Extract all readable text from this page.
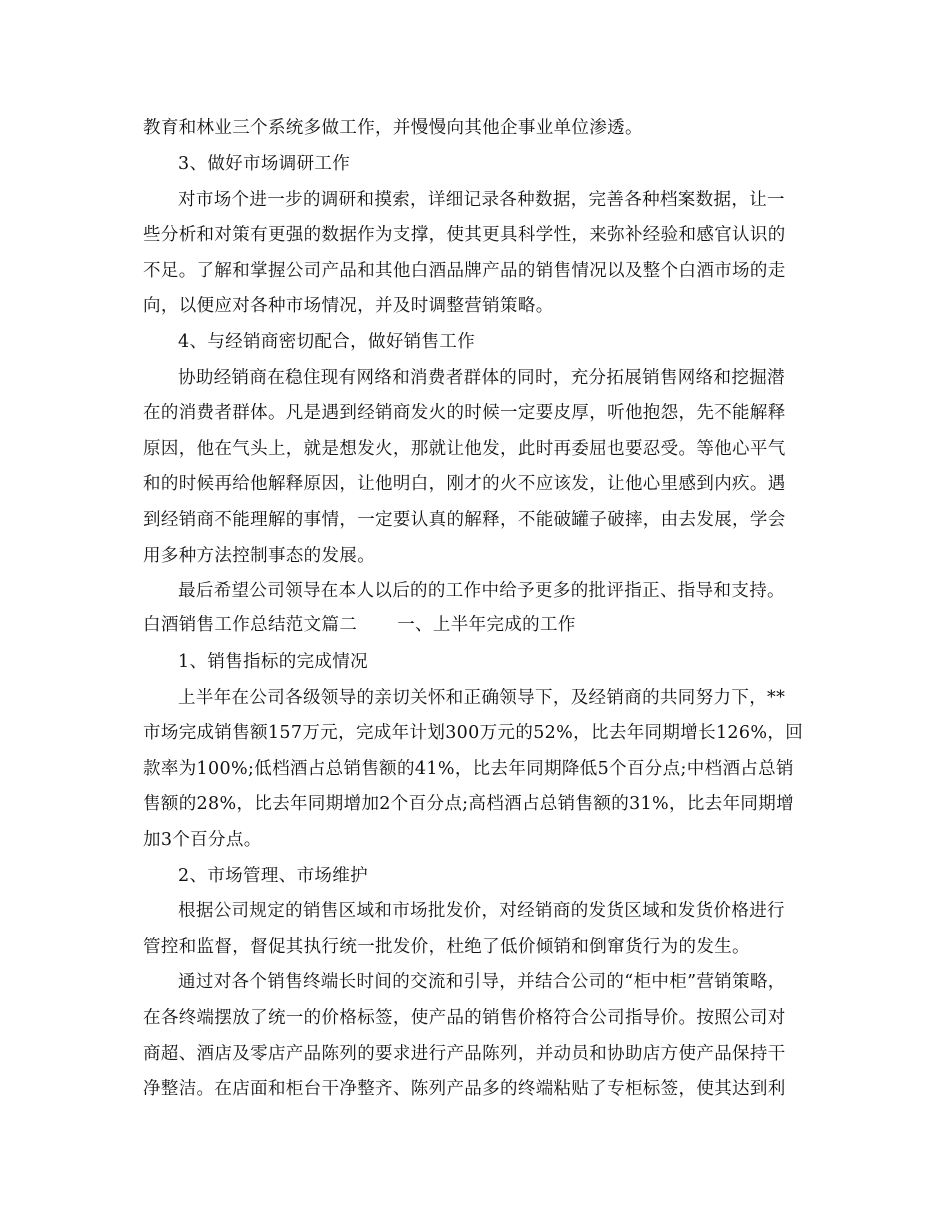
教育和林业三个系统多做工作，并慢慢向其他企事业单位渗透。
3、做好市场调研工作
对市场个进一步的调研和摸索，详细记录各种数据，完善各种档案数据，让一
些分析和对策有更强的数据作为支撑，使其更具科学性，来弥补经验和感官认识的
不足。了解和掌握公司产品和其他白酒品牌产品的销售情况以及整个白酒市场的走
向，以便应对各种市场情况，并及时调整营销策略。
4、与经销商密切配合，做好销售工作
协助经销商在稳住现有网络和消费者群体的同时，充分拓展销售网络和挖掘潜
在的消费者群体。凡是遇到经销商发火的时候一定要皮厚，听他抱怨，先不能解释
原因，他在气头上，就是想发火，那就让他发，此时再委屈也要忍受。等他心平气
和的时候再给他解释原因，让他明白，刚才的火不应该发，让他心里感到内疚。遇
到经销商不能理解的事情，一定要认真的解释，不能破罐子破摔，由去发展，学会
用多种方法控制事态的发展。
最后希望公司领导在本人以后的的工作中给予更多的批评指正、指导和支持。
白酒销售工作总结范文篇二 一、上半年完成的工作
1、销售指标的完成情况
上半年在公司各级领导的亲切关怀和正确领导下，及经销商的共同努力下，**
市场完成销售额157万元，完成年计划300万元的52%，比去年同期增长126%，回
款率为100%;低档酒占总销售额的41%，比去年同期降低5个百分点;中档酒占总销
售额的28%，比去年同期增加2个百分点;高档酒占总销售额的31%，比去年同期增
加3个百分点。
2、市场管理、市场维护
根据公司规定的销售区域和市场批发价，对经销商的发货区域和发货价格进行
管控和监督，督促其执行统一批发价，杜绝了低价倾销和倒窜货行为的发生。
通过对各个销售终端长时间的交流和引导，并结合公司的“柜中柜”营销策略，
在各终端摆放了统一的价格标签，使产品的销售价格符合公司指导价。按照公司对
商超、酒店及零店产品陈列的要求进行产品陈列，并动员和协助店方使产品保持干
净整洁。在店面和柜台干净整齐、陈列产品多的终端粘贴了专柜标签，使其达到利
